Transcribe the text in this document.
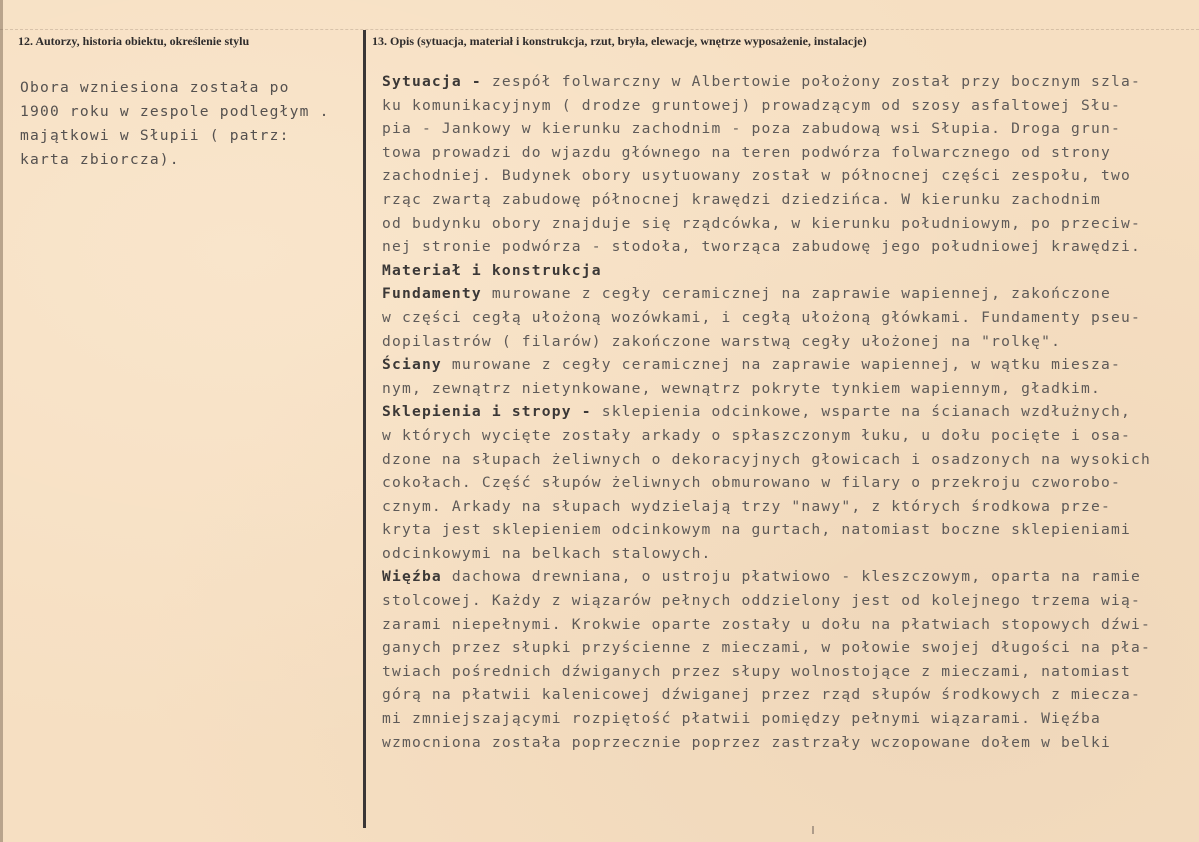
12. Autorzy, historia obiektu, określenie stylu	13. Opis (sytuacja, materiał i konstrukcja, rzut, bryła, elewacje, wnętrze wyposażenie, instalacje)
Obora wzniesiona została po
1900 roku w zespole podległym .
majątkowi w Słupii ( patrz:
karta zbiorcza).
Sytuacja - zespół folwarczny w Albertowie położony został przy bocznym szla-
ku komunikacyjnym ( drodze gruntowej) prowadzącym od szosy asfaltowej Słu-
pia - Jankowy w kierunku zachodnim - poza zabudową wsi Słupia. Droga grun-
towa prowadzi do wjazdu głównego na teren podwórza folwarcznego od strony
zachodniej. Budynek obory usytuowany został w północnej części zespołu, two
rząc zwartą zabudowę północnej krawędzi dziedzińca. W kierunku zachodnim
od budynku obory znajduje się rządcówka, w kierunku południowym, po przeciw-
nej stronie podwórza - stodoła, tworząca zabudowę jego południowej krawędzi.
Materiał i konstrukcja
Fundamenty murowane z cegły ceramicznej na zaprawie wapiennej, zakończone
w części cegłą ułożoną wozówkami, i cegłą ułożoną główkami. Fundamenty pseu-
dopilastrów ( filarów) zakończone warstwą cegły ułożonej na "rolkę".
Ściany murowane z cegły ceramicznej na zaprawie wapiennej, w wątku miesza-
nym, zewnątrz nietynkowane, wewnątrz pokryte tynkiem wapiennym, gładkim.
Sklepienia i stropy - sklepienia odcinkowe, wsparte na ścianach wzdłużnych,
w których wycięte zostały arkady o spłaszczonym łuku, u dołu pocięte i osa-
dzone na słupach żeliwnych o dekoracyjnych głowicach i osadzonych na wysokich
cokołach. Część słupów żeliwnych obmurowano w filary o przekroju czworobo-
cznym. Arkady na słupach wydzielają trzy "nawy", z których środkowa prze-
kryta jest sklepieniem odcinkowym na gurtach, natomiast boczne sklepieniami
odcinkowymi na belkach stalowych.
Więźba dachowa drewniana, o ustroju płatwiowo - kleszczowym, oparta na ramie
stolcowej. Każdy z wiązarów pełnych oddzielony jest od kolejnego trzema wią-
zarami niepełnymi. Krokwie oparte zostały u dołu na płatwiach stopowych dźwi-
ganych przez słupki przyścienne z mieczami, w połowie swojej długości na pła-
twiach pośrednich dźwiganych przez słupy wolnostojące z mieczami, natomiast
górą na płatwii kalenicowej dźwiganej przez rząd słupów środkowych z miecza-
mi zmniejszającymi rozpiętość płatwii pomiędzy pełnymi wiązarami. Więźba
wzmocniona została poprzecznie poprzez zastrzały wczopowane dołem w belki
